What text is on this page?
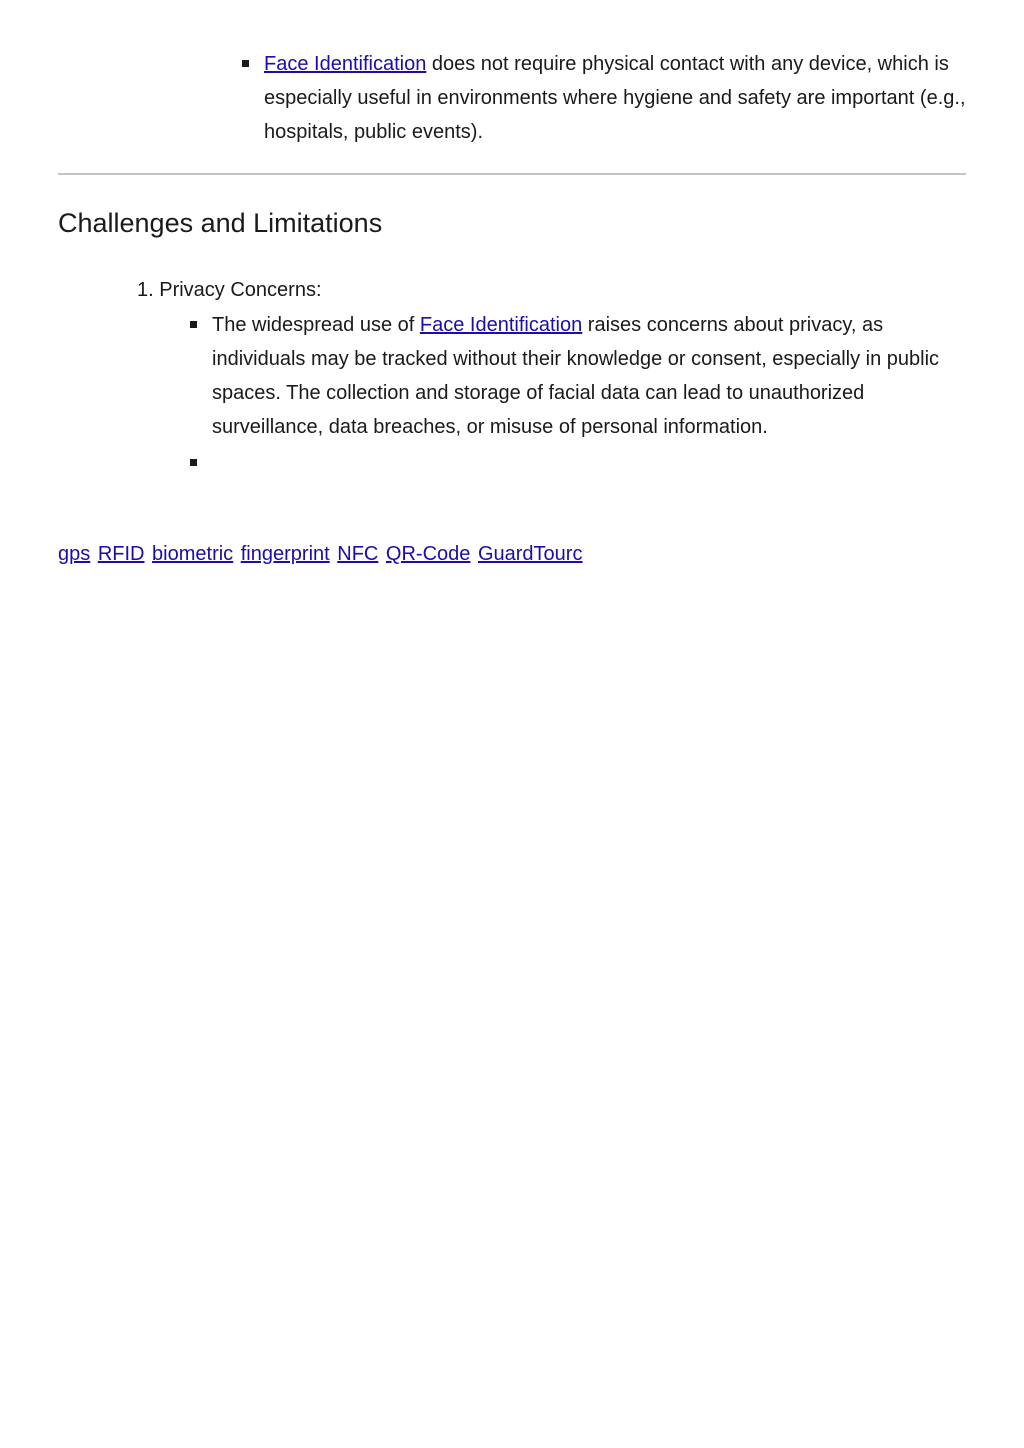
Face Identification does not require physical contact with any device, which is especially useful in environments where hygiene and safety are important (e.g., hospitals, public events).

Challenges and Limitations
1. Privacy Concerns:

The widespread use of Face Identification raises concerns about privacy, as individuals may be tracked without their knowledge or consent, especially in public spaces. The collection and storage of facial data can lead to unauthorized surveillance, data breaches, or misuse of personal information.

gps RFID biometric fingerprint NFC QR-Code GuardTourc
